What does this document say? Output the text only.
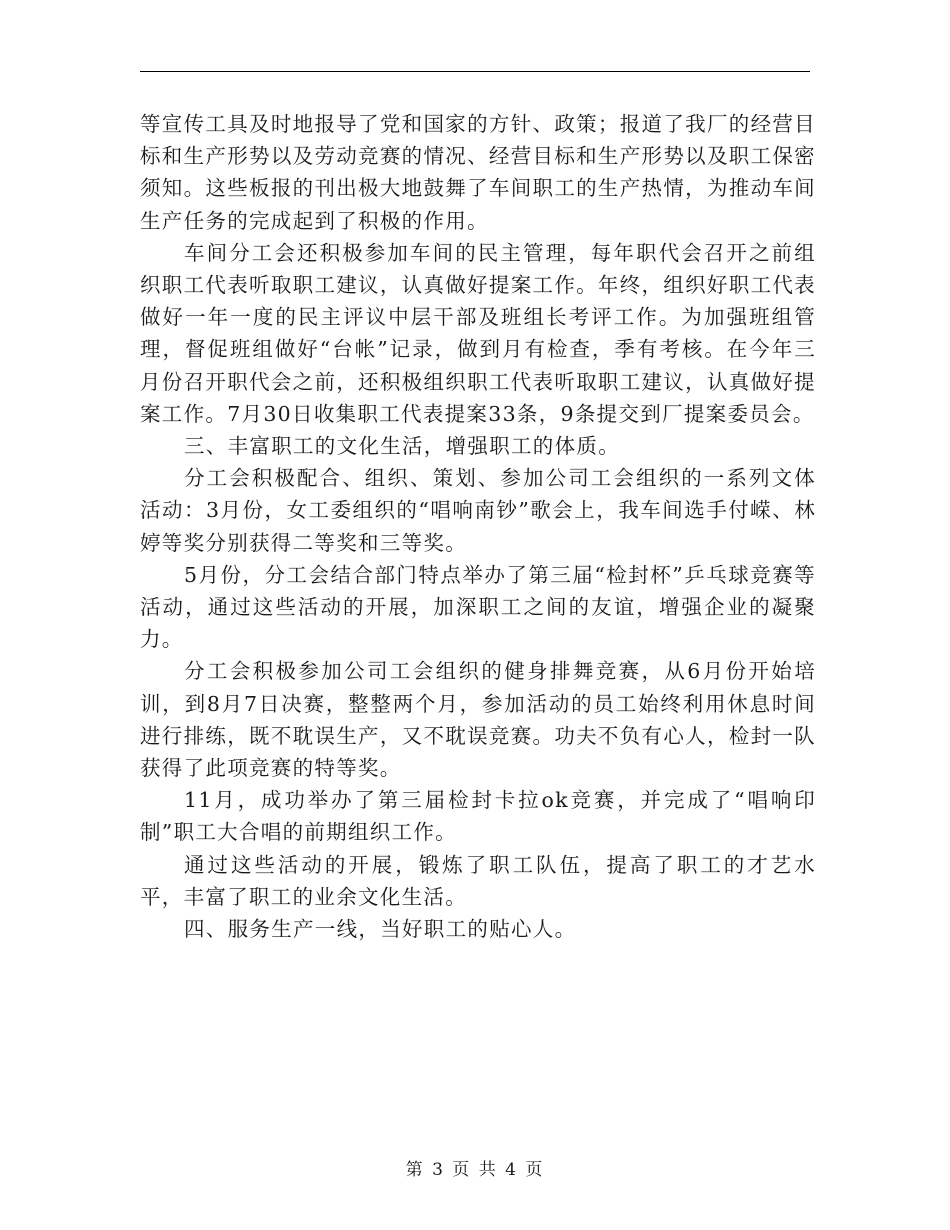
等宣传工具及时地报导了党和国家的方针、政策；报道了我厂的经营目标和生产形势以及劳动竞赛的情况、经营目标和生产形势以及职工保密须知。这些板报的刊出极大地鼓舞了车间职工的生产热情，为推动车间生产任务的完成起到了积极的作用。

车间分工会还积极参加车间的民主管理，每年职代会召开之前组织职工代表听取职工建议，认真做好提案工作。年终，组织好职工代表做好一年一度的民主评议中层干部及班组长考评工作。为加强班组管理，督促班组做好“台帐”记录，做到月有检查，季有考核。在今年三月份召开职代会之前，还积极组织职工代表听取职工建议，认真做好提案工作。7月30日收集职工代表提案33条，9条提交到厂提案委员会。

三、丰富职工的文化生活，增强职工的体质。

分工会积极配合、组织、策划、参加公司工会组织的一系列文体活动：3月份，女工委组织的“唱响南钞”歌会上，我车间选手付嵘、林婷等奖分别获得二等奖和三等奖。

5月份，分工会结合部门特点举办了第三届“检封杯”乒乓球竞赛等活动，通过这些活动的开展，加深职工之间的友谊，增强企业的凝聚力。

分工会积极参加公司工会组织的健身排舞竞赛，从6月份开始培训，到8月7日决赛，整整两个月，参加活动的员工始终利用休息时间进行排练，既不耽误生产，又不耽误竞赛。功夫不负有心人，检封一队获得了此项竞赛的特等奖。

11月，成功举办了第三届检封卡拉ok竞赛，并完成了“唱响印制”职工大合唱的前期组织工作。

通过这些活动的开展，锻炼了职工队伍，提高了职工的才艺水平，丰富了职工的业余文化生活。

四、服务生产一线，当好职工的贴心人。

第 3 页 共 4 页
